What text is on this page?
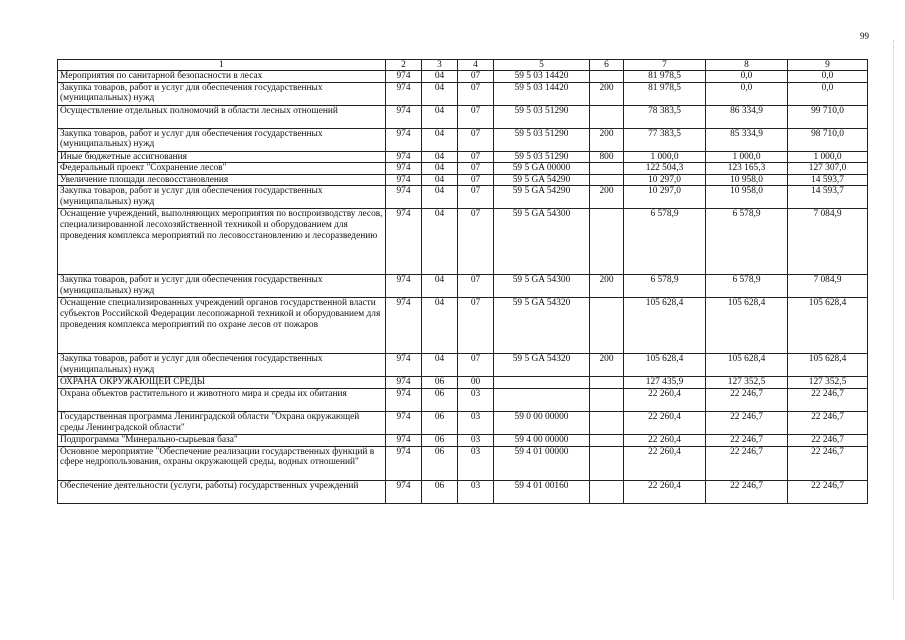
99
1	2	3	4	5	6	7	8	9
Мероприятия по санитарной безопасности в лесах	974	04	07	59 5 03 14420		81 978,5	0,0	0,0
Закупка товаров, работ и услуг для обеспечения государственных (муниципальных) нужд	974	04	07	59 5 03 14420	200	81 978,5	0,0	0,0
Осуществление отдельных полномочий в области лесных отношений	974	04	07	59 5 03 51290		78 383,5	86 334,9	99 710,0
Закупка товаров, работ и услуг для обеспечения государственных (муниципальных) нужд	974	04	07	59 5 03 51290	200	77 383,5	85 334,9	98 710,0
Иные бюджетные ассигнования	974	04	07	59 5 03 51290	800	1 000,0	1 000,0	1 000,0
Федеральный проект "Сохранение лесов"	974	04	07	59 5 GA 00000		122 504,3	123 165,3	127 307,0
Увеличение площади лесовосстановления	974	04	07	59 5 GA 54290		10 297,0	10 958,0	14 593,7
Закупка товаров, работ и услуг для обеспечения государственных (муниципальных) нужд	974	04	07	59 5 GA 54290	200	10 297,0	10 958,0	14 593,7
Оснащение учреждений, выполняющих мероприятия по воспроизводству лесов, специализированной лесохозяйственной техникой и оборудованием для проведения комплекса мероприятий по лесовосстановлению и лесоразведению	974	04	07	59 5 GA 54300		6 578,9	6 578,9	7 084,9
Закупка товаров, работ и услуг для обеспечения государственных (муниципальных) нужд	974	04	07	59 5 GA 54300	200	6 578,9	6 578,9	7 084,9
Оснащение специализированных учреждений органов государственной власти субъектов Российской Федерации лесопожарной техникой и оборудованием для проведения комплекса мероприятий по охране лесов от пожаров	974	04	07	59 5 GA 54320		105 628,4	105 628,4	105 628,4
Закупка товаров, работ и услуг для обеспечения государственных (муниципальных) нужд	974	04	07	59 5 GA 54320	200	105 628,4	105 628,4	105 628,4
ОХРАНА ОКРУЖАЮЩЕЙ СРЕДЫ	974	06	00			127 435,9	127 352,5	127 352,5
Охрана объектов растительного и животного мира и среды их обитания	974	06	03			22 260,4	22 246,7	22 246,7
Государственная программа Ленинградской области "Охрана окружающей среды Ленинградской области"	974	06	03	59 0 00 00000		22 260,4	22 246,7	22 246,7
Подпрограмма "Минерально-сырьевая база"	974	06	03	59 4 00 00000		22 260,4	22 246,7	22 246,7
Основное мероприятие "Обеспечение реализации государственных функций в сфере недропользования, охраны окружающей среды, водных отношений"	974	06	03	59 4 01 00000		22 260,4	22 246,7	22 246,7
Обеспечение деятельности (услуги, работы) государственных учреждений	974	06	03	59 4 01 00160		22 260,4	22 246,7	22 246,7
